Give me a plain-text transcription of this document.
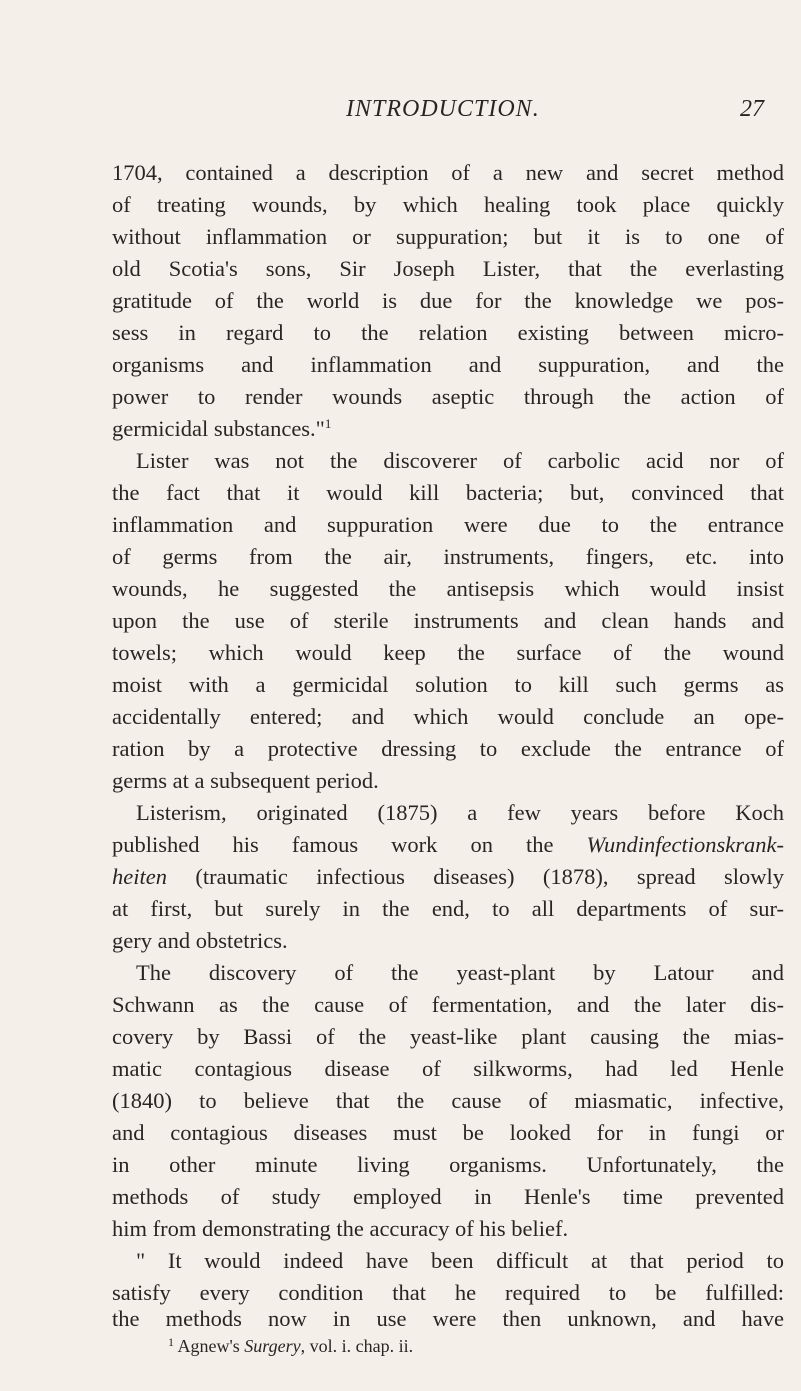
INTRODUCTION.	27
1704, contained a description of a new and secret method
of treating wounds, by which healing took place quickly
without inflammation or suppuration; but it is to one of
old Scotia's sons, Sir Joseph Lister, that the everlasting
gratitude of the world is due for the knowledge we pos-
sess in regard to the relation existing between micro-
organisms and inflammation and suppuration, and the
power to render wounds aseptic through the action of
germicidal substances."$^1$
Lister was not the discoverer of carbolic acid nor of
the fact that it would kill bacteria; but, convinced that
inflammation and suppuration were due to the entrance
of germs from the air, instruments, fingers, etc. into
wounds, he suggested the antisepsis which would insist
upon the use of sterile instruments and clean hands and
towels; which would keep the surface of the wound
moist with a germicidal solution to kill such germs as
accidentally entered; and which would conclude an ope-
ration by a protective dressing to exclude the entrance of
germs at a subsequent period.
Listerism, originated (1875) a few years before Koch
published his famous work on the Wundinfectionskrank-
heiten (traumatic infectious diseases) (1878), spread slowly
at first, but surely in the end, to all departments of sur-
gery and obstetrics.
The discovery of the yeast-plant by Latour and
Schwann as the cause of fermentation, and the later dis-
covery by Bassi of the yeast-like plant causing the mias-
matic contagious disease of silkworms, had led Henle
(1840) to believe that the cause of miasmatic, infective,
and contagious diseases must be looked for in fungi or
in other minute living organisms. Unfortunately, the
methods of study employed in Henle's time prevented
him from demonstrating the accuracy of his belief.
" It would indeed have been difficult at that period to
satisfy every condition that he required to be fulfilled:
the methods now in use were then unknown, and have
$^1$ Agnew's Surgery, vol. i. chap. ii.
